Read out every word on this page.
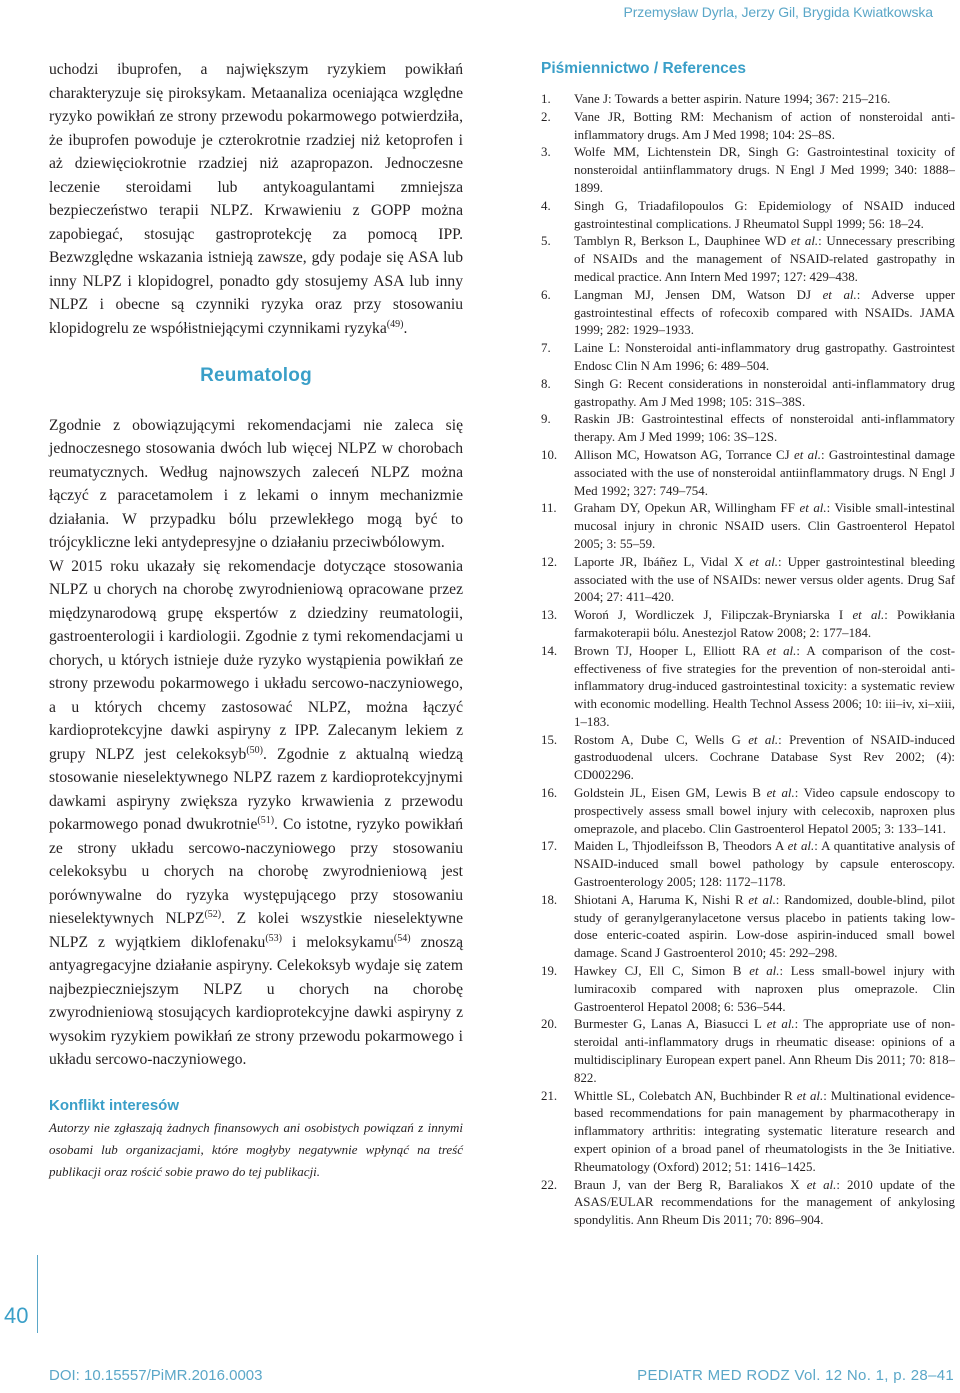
Przemysław Dyrla, Jerzy Gil, Brygida Kwiatkowska
40

uchodzi ibuprofen, a największym ryzykiem powikłań charakteryzuje się piroksykam. Metaanaliza oceniająca względne ryzyko powikłań ze strony przewodu pokarmowego potwierdziła, że ibuprofen powoduje je czterokrotnie rzadziej niż ketoprofen i aż dziewięciokrotnie rzadziej niż azapropazon. Jednoczesne leczenie steroidami lub antykoagulantami zmniejsza bezpieczeństwo terapii NLPZ. Krwawieniu z GOPP można zapobiegać, stosując gastroprotekcję za pomocą IPP. Bezwzględne wskazania istnieją zawsze, gdy podaje się ASA lub inny NLPZ i klopidogrel, ponadto gdy stosujemy ASA lub inny NLPZ i obecne są czynniki ryzyka oraz przy stosowaniu klopidogrelu ze współistniejącymi czynnikami ryzyka$^{(49)}$.

Reumatolog

Zgodnie z obowiązującymi rekomendacjami nie zaleca się jednoczesnego stosowania dwóch lub więcej NLPZ w chorobach reumatycznych. Według najnowszych zaleceń NLPZ można łączyć z paracetamolem i z lekami o innym mechanizmie działania. W przypadku bólu przewlekłego mogą być to trójcykliczne leki antydepresyjne o działaniu przeciwbólowym.

W 2015 roku ukazały się rekomendacje dotyczące stosowania NLPZ u chorych na chorobę zwyrodnieniową opracowane przez międzynarodową grupę ekspertów z dziedziny reumatologii, gastroenterologii i kardiologii. Zgodnie z tymi rekomendacjami u chorych, u których istnieje duże ryzyko wystąpienia powikłań ze strony przewodu pokarmowego i układu sercowo-naczyniowego, a u których chcemy zastosować NLPZ, można łączyć kardioprotekcyjne dawki aspiryny z IPP. Zalecanym lekiem z grupy NLPZ jest celekoksyb$^{(50)}$. Zgodnie z aktualną wiedzą stosowanie nieselektywnego NLPZ razem z kardioprotekcyjnymi dawkami aspiryny zwiększa ryzyko krwawienia z przewodu pokarmowego ponad dwukrotnie$^{(51)}$. Co istotne, ryzyko powikłań ze strony układu sercowo-naczyniowego przy stosowaniu celekoksybu u chorych na chorobę zwyrodnieniową jest porównywalne do ryzyka występującego przy stosowaniu nieselektywnych NLPZ$^{(52)}$. Z kolei wszystkie nieselektywne NLPZ z wyjątkiem diklofenaku$^{(53)}$ i meloksykamu$^{(54)}$ znoszą antyagregacyjne działanie aspiryny. Celekoksyb wydaje się zatem najbezpieczniejszym NLPZ u chorych na chorobę zwyrodnieniową stosujących kardioprotekcyjne dawki aspiryny z wysokim ryzykiem powikłań ze strony przewodu pokarmowego i układu sercowo-naczyniowego.

Konflikt interesów

Autorzy nie zgłaszają żadnych finansowych ani osobistych powiązań z innymi osobami lub organizacjami, które mogłyby negatywnie wpłynąć na treść publikacji oraz rościć sobie prawo do tej publikacji.

Piśmiennictwo / References
1. Vane J: Towards a better aspirin. Nature 1994; 367: 215–216.
2. Vane JR, Botting RM: Mechanism of action of nonsteroidal anti-inflammatory drugs. Am J Med 1998; 104: 2S–8S.
3. Wolfe MM, Lichtenstein DR, Singh G: Gastrointestinal toxicity of nonsteroidal antiinflammatory drugs. N Engl J Med 1999; 340: 1888–1899.
4. Singh G, Triadafilopoulos G: Epidemiology of NSAID induced gastrointestinal complications. J Rheumatol Suppl 1999; 56: 18–24.
5. Tamblyn R, Berkson L, Dauphinee WD et al.: Unnecessary prescribing of NSAIDs and the management of NSAID-related gastropathy in medical practice. Ann Intern Med 1997; 127: 429–438.
6. Langman MJ, Jensen DM, Watson DJ et al.: Adverse upper gastrointestinal effects of rofecoxib compared with NSAIDs. JAMA 1999; 282: 1929–1933.
7. Laine L: Nonsteroidal anti-inflammatory drug gastropathy. Gastrointest Endosc Clin N Am 1996; 6: 489–504.
8. Singh G: Recent considerations in nonsteroidal anti-inflammatory drug gastropathy. Am J Med 1998; 105: 31S–38S.
9. Raskin JB: Gastrointestinal effects of nonsteroidal anti-inflammatory therapy. Am J Med 1999; 106: 3S–12S.
10. Allison MC, Howatson AG, Torrance CJ et al.: Gastrointestinal damage associated with the use of nonsteroidal antiinflammatory drugs. N Engl J Med 1992; 327: 749–754.
11. Graham DY, Opekun AR, Willingham FF et al.: Visible small-intestinal mucosal injury in chronic NSAID users. Clin Gastroenterol Hepatol 2005; 3: 55–59.
12. Laporte JR, Ibáñez L, Vidal X et al.: Upper gastrointestinal bleeding associated with the use of NSAIDs: newer versus older agents. Drug Saf 2004; 27: 411–420.
13. Woroń J, Wordliczek J, Filipczak-Bryniarska I et al.: Powikłania farmakoterapii bólu. Anestezjol Ratow 2008; 2: 177–184.
14. Brown TJ, Hooper L, Elliott RA et al.: A comparison of the cost-effectiveness of five strategies for the prevention of non-steroidal anti-inflammatory drug-induced gastrointestinal toxicity: a systematic review with economic modelling. Health Technol Assess 2006; 10: iii–iv, xi–xiii, 1–183.
15. Rostom A, Dube C, Wells G et al.: Prevention of NSAID-induced gastroduodenal ulcers. Cochrane Database Syst Rev 2002; (4): CD002296.
16. Goldstein JL, Eisen GM, Lewis B et al.: Video capsule endoscopy to prospectively assess small bowel injury with celecoxib, naproxen plus omeprazole, and placebo. Clin Gastroenterol Hepatol 2005; 3: 133–141.
17. Maiden L, Thjodleifsson B, Theodors A et al.: A quantitative analysis of NSAID-induced small bowel pathology by capsule enteroscopy. Gastroenterology 2005; 128: 1172–1178.
18. Shiotani A, Haruma K, Nishi R et al.: Randomized, double-blind, pilot study of geranylgeranylacetone versus placebo in patients taking low-dose enteric-coated aspirin. Low-dose aspirin-induced small bowel damage. Scand J Gastroenterol 2010; 45: 292–298.
19. Hawkey CJ, Ell C, Simon B et al.: Less small-bowel injury with lumiracoxib compared with naproxen plus omeprazole. Clin Gastroenterol Hepatol 2008; 6: 536–544.
20. Burmester G, Lanas A, Biasucci L et al.: The appropriate use of non-steroidal anti-inflammatory drugs in rheumatic disease: opinions of a multidisciplinary European expert panel. Ann Rheum Dis 2011; 70: 818–822.
21. Whittle SL, Colebatch AN, Buchbinder R et al.: Multinational evidence-based recommendations for pain management by pharmacotherapy in inflammatory arthritis: integrating systematic literature research and expert opinion of a broad panel of rheumatologists in the 3e Initiative. Rheumatology (Oxford) 2012; 51: 1416–1425.
22. Braun J, van der Berg R, Baraliakos X et al.: 2010 update of the ASAS/EULAR recommendations for the management of ankylosing spondylitis. Ann Rheum Dis 2011; 70: 896–904.
DOI: 10.15557/PiMR.2016.0003	PEDIATR MED RODZ Vol. 12 No. 1, p. 28–41
